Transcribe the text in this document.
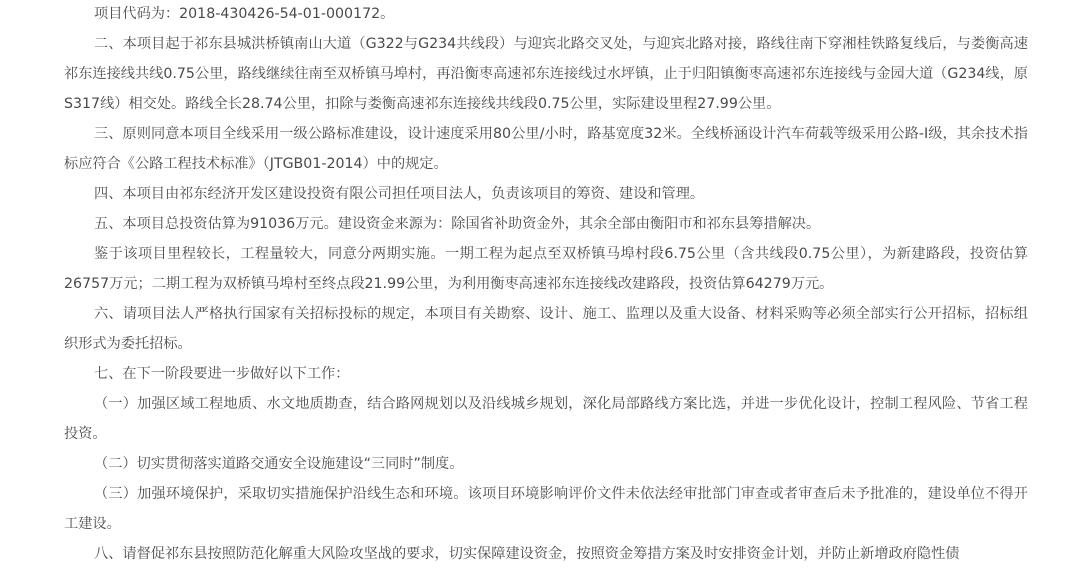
项目代码为：2018-430426-54-01-000172。

二、本项目起于祁东县城洪桥镇南山大道（G322与G234共线段）与迎宾北路交叉处，与迎宾北路对接，路线往南下穿湘桂铁路复线后，与娄衡高速祁东连接线共线0.75公里，路线继续往南至双桥镇马埠村，再沿衡枣高速祁东连接线过水坪镇，止于归阳镇衡枣高速祁东连接线与金园大道（G234线，原S317线）相交处。路线全长28.74公里，扣除与娄衡高速祁东连接线共线段0.75公里，实际建设里程27.99公里。

三、原则同意本项目全线采用一级公路标准建设，设计速度采用80公里/小时，路基宽度32米。全线桥涵设计汽车荷载等级采用公路-Ⅰ级，其余技术指标应符合《公路工程技术标准》（JTGB01-2014）中的规定。

四、本项目由祁东经济开发区建设投资有限公司担任项目法人，负责该项目的筹资、建设和管理。

五、本项目总投资估算为91036万元。建设资金来源为：除国省补助资金外，其余全部由衡阳市和祁东县筹措解决。

鉴于该项目里程较长，工程量较大，同意分两期实施。一期工程为起点至双桥镇马埠村段6.75公里（含共线段0.75公里），为新建路段，投资估算26757万元；二期工程为双桥镇马埠村至终点段21.99公里，为利用衡枣高速祁东连接线改建路段，投资估算64279万元。

六、请项目法人严格执行国家有关招标投标的规定，本项目有关勘察、设计、施工、监理以及重大设备、材料采购等必须全部实行公开招标，招标组织形式为委托招标。

七、在下一阶段要进一步做好以下工作：

（一）加强区域工程地质、水文地质勘查，结合路网规划以及沿线城乡规划，深化局部路线方案比选，并进一步优化设计，控制工程风险、节省工程投资。

（二）切实贯彻落实道路交通安全设施建设“三同时”制度。

（三）加强环境保护，采取切实措施保护沿线生态和环境。该项目环境影响评价文件未依法经审批部门审查或者审查后未予批准的，建设单位不得开工建设。

八、请督促祁东县按照防范化解重大风险攻坚战的要求，切实保障建设资金，按照资金筹措方案及时安排资金计划，并防止新增政府隐性债
